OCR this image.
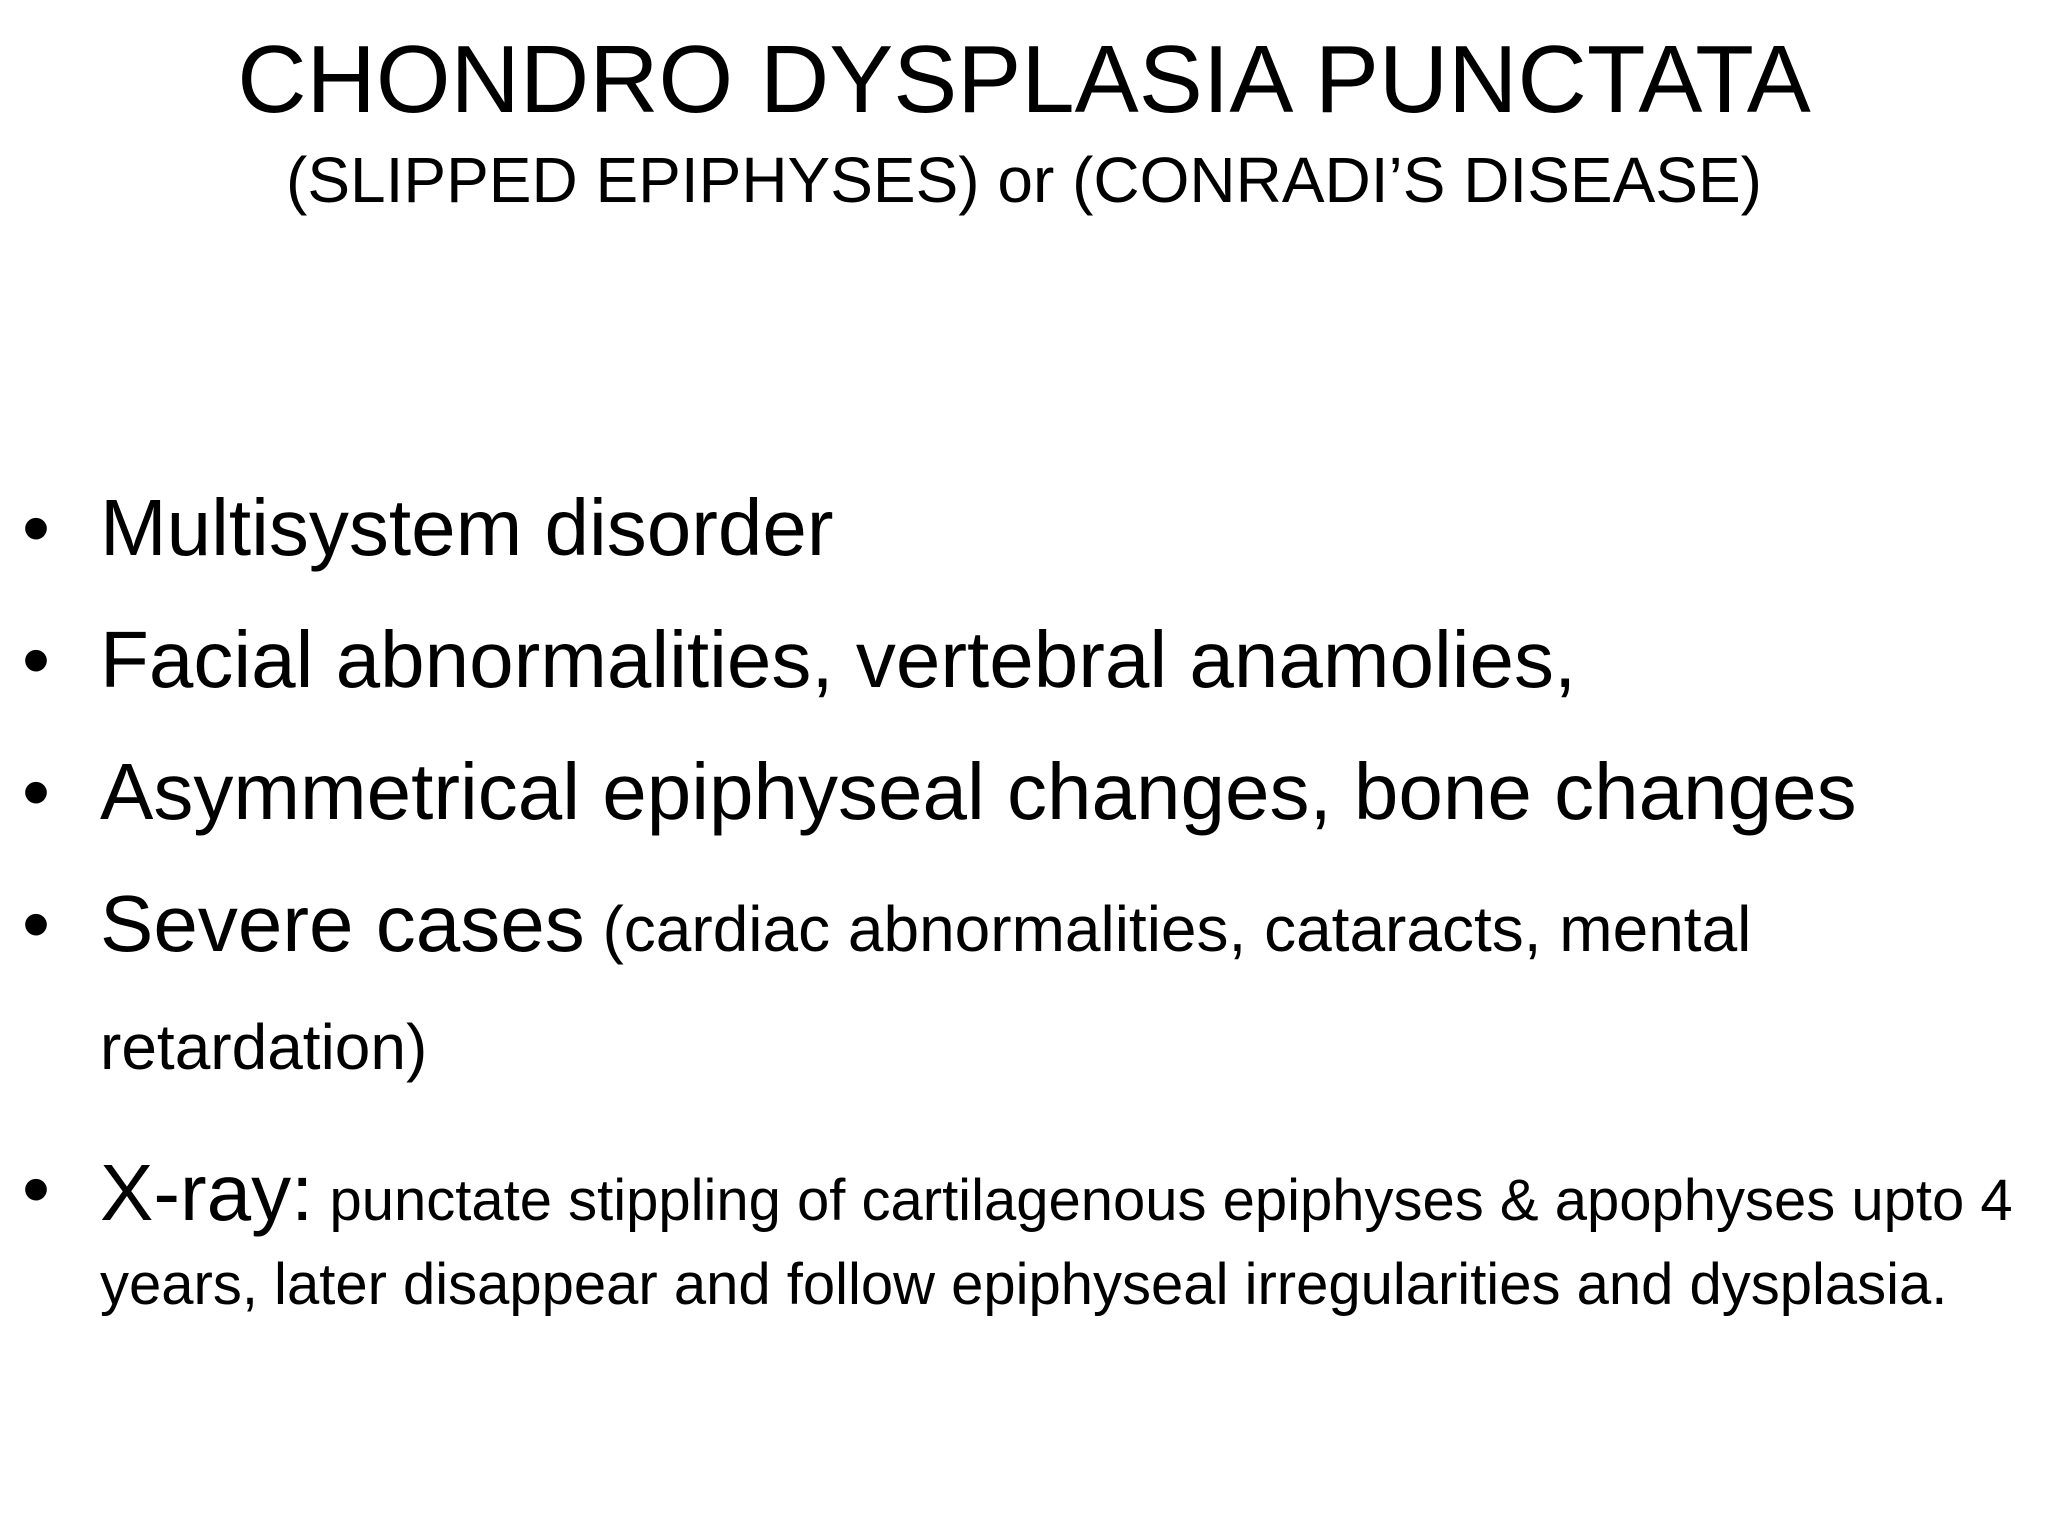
CHONDRO DYSPLASIA PUNCTATA
(SLIPPED EPIPHYSES) or (CONRADI’S DISEASE)
• Multisystem disorder
• Facial abnormalities, vertebral anamolies,
• Asymmetrical epiphyseal changes, bone changes
• Severe cases (cardiac abnormalities, cataracts, mental retardation)
• X-ray: punctate stippling of cartilagenous epiphyses & apophyses upto 4 years, later disappear and follow epiphyseal irregularities and dysplasia.
